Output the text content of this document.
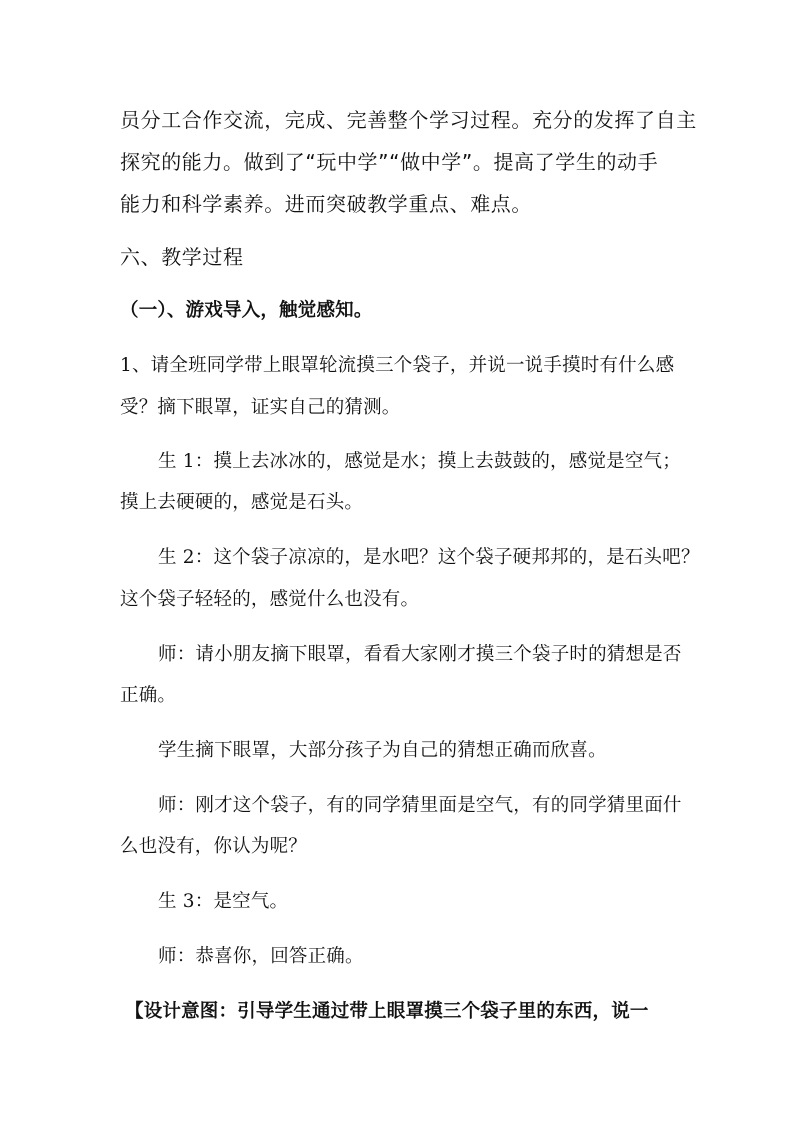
员分工合作交流，完成、完善整个学习过程。充分的发挥了自主
探究的能力。做到了“玩中学”“做中学”。提高了学生的动手
能力和科学素养。进而突破教学重点、难点。
六、教学过程
（一）、游戏导入，触觉感知。
1、请全班同学带上眼罩轮流摸三个袋子，并说一说手摸时有什么感
受？摘下眼罩，证实自己的猜测。
生 1：摸上去冰冰的，感觉是水；摸上去鼓鼓的，感觉是空气；
摸上去硬硬的，感觉是石头。
生 2：这个袋子凉凉的，是水吧？这个袋子硬邦邦的，是石头吧？
这个袋子轻轻的，感觉什么也没有。
师：请小朋友摘下眼罩，看看大家刚才摸三个袋子时的猜想是否
正确。
学生摘下眼罩，大部分孩子为自己的猜想正确而欣喜。
师：刚才这个袋子，有的同学猜里面是空气，有的同学猜里面什
么也没有，你认为呢？
生 3：是空气。
师：恭喜你，回答正确。
【设计意图：引导学生通过带上眼罩摸三个袋子里的东西，说一
